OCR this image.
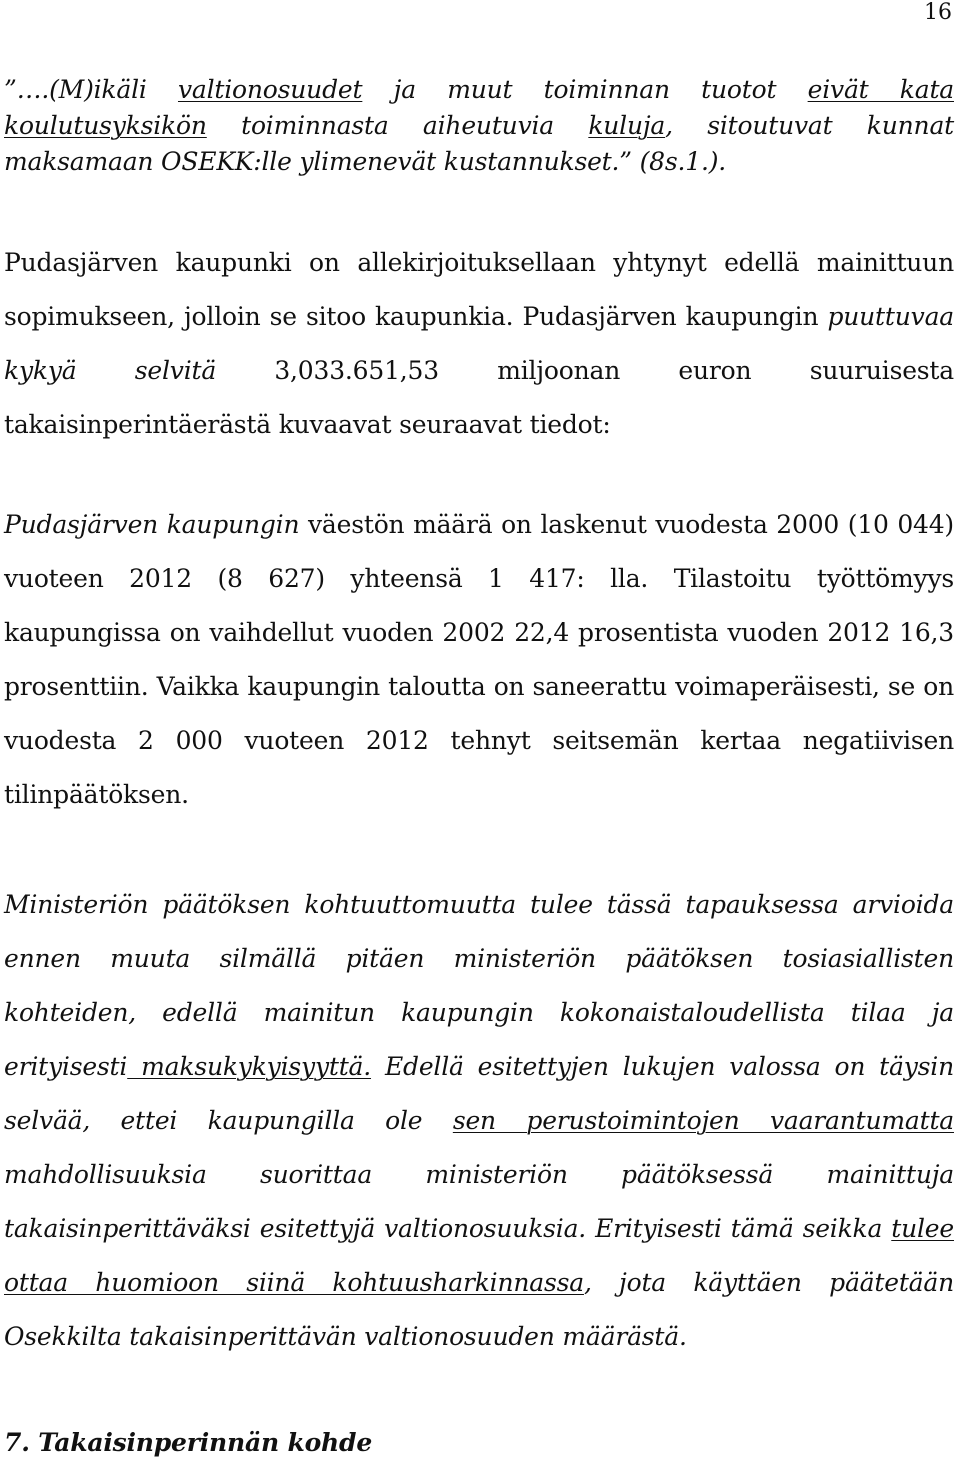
16

”….(M)ikäli valtionosuudet ja muut toiminnan tuotot eivät kata koulutusyksikön toiminnasta aiheutuvia kuluja, sitoutuvat kunnat maksamaan OSEKK:lle ylimenevät kustannukset.” (8s.1.).

Pudasjärven kaupunki on allekirjoituksellaan yhtynyt edellä mainittuun sopimukseen, jolloin se sitoo kaupunkia. Pudasjärven kaupungin puuttuvaa kykyä selvitä 3,033.651,53 miljoonan euron suuruisesta takaisinperintäerästä kuvaavat seuraavat tiedot:

Pudasjärven kaupungin väestön määrä on laskenut vuodesta 2000 (10 044) vuoteen 2012 (8 627) yhteensä 1 417: lla. Tilastoitu työttömyys kaupungissa on vaihdellut vuoden 2002 22,4 prosentista vuoden 2012 16,3 prosenttiin. Vaikka kaupungin taloutta on saneerattu voimaperäisesti, se on vuodesta 2 000 vuoteen 2012 tehnyt seitsemän kertaa negatiivisen tilinpäätöksen.

Ministeriön päätöksen kohtuuttomuutta tulee tässä tapauksessa arvioida ennen muuta silmällä pitäen ministeriön päätöksen tosiasiallisten kohteiden, edellä mainitun kaupungin kokonaistaloudellista tilaa ja erityisesti maksukykyisyyttä. Edellä esitettyjen lukujen valossa on täysin selvää, ettei kaupungilla ole sen perustoimintojen vaarantumatta mahdollisuuksia suorittaa ministeriön päätöksessä mainittuja takaisinperittäväksi esitettyjä valtionosuuksia. Erityisesti tämä seikka tulee ottaa huomioon siinä kohtuusharkinnassa, jota käyttäen päätetään Osekkilta takaisinperittävän valtionosuuden määrästä.

7. Takaisinperinnän kohde
